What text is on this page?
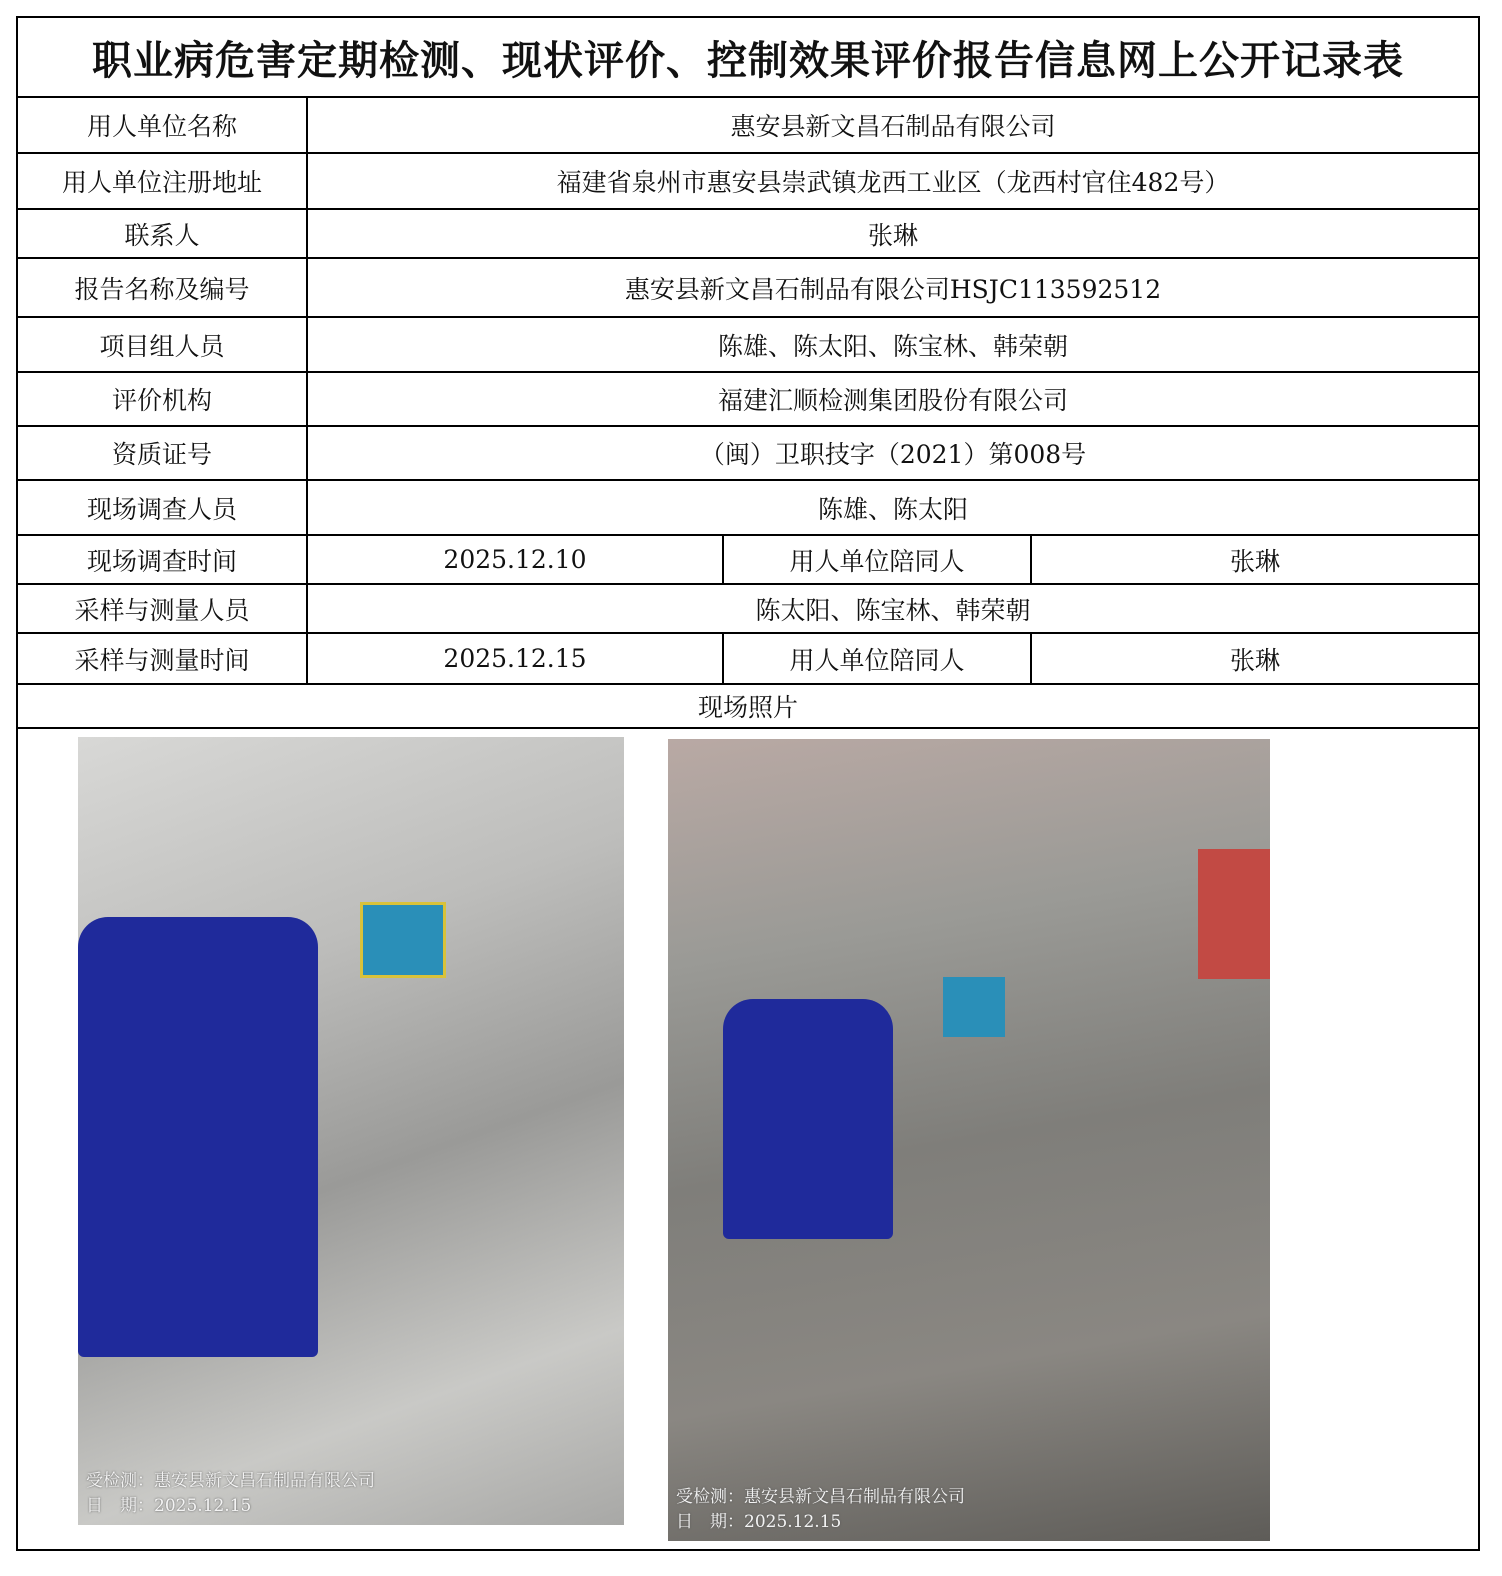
职业病危害定期检测、现状评价、控制效果评价报告信息网上公开记录表			
用人单位名称	惠安县新文昌石制品有限公司		
用人单位注册地址	福建省泉州市惠安县崇武镇龙西工业区（龙西村官住482号）		
联系人	张琳		
报告名称及编号	惠安县新文昌石制品有限公司HSJC113592512		
项目组人员	陈雄、陈太阳、陈宝林、韩荣朝		
评价机构	福建汇顺检测集团股份有限公司		
资质证号	（闽）卫职技字（2021）第008号		
现场调查人员	陈雄、陈太阳		
现场调查时间	2025.12.10	用人单位陪同人	张琳
采样与测量人员	陈太阳、陈宝林、韩荣朝		
采样与测量时间	2025.12.15	用人单位陪同人	张琳
现场照片			

受检测：惠安县新文昌石制品有限公司
日　期：2025.12.15 受检测：惠安县新文昌石制品有限公司
日　期：2025.12.15			
